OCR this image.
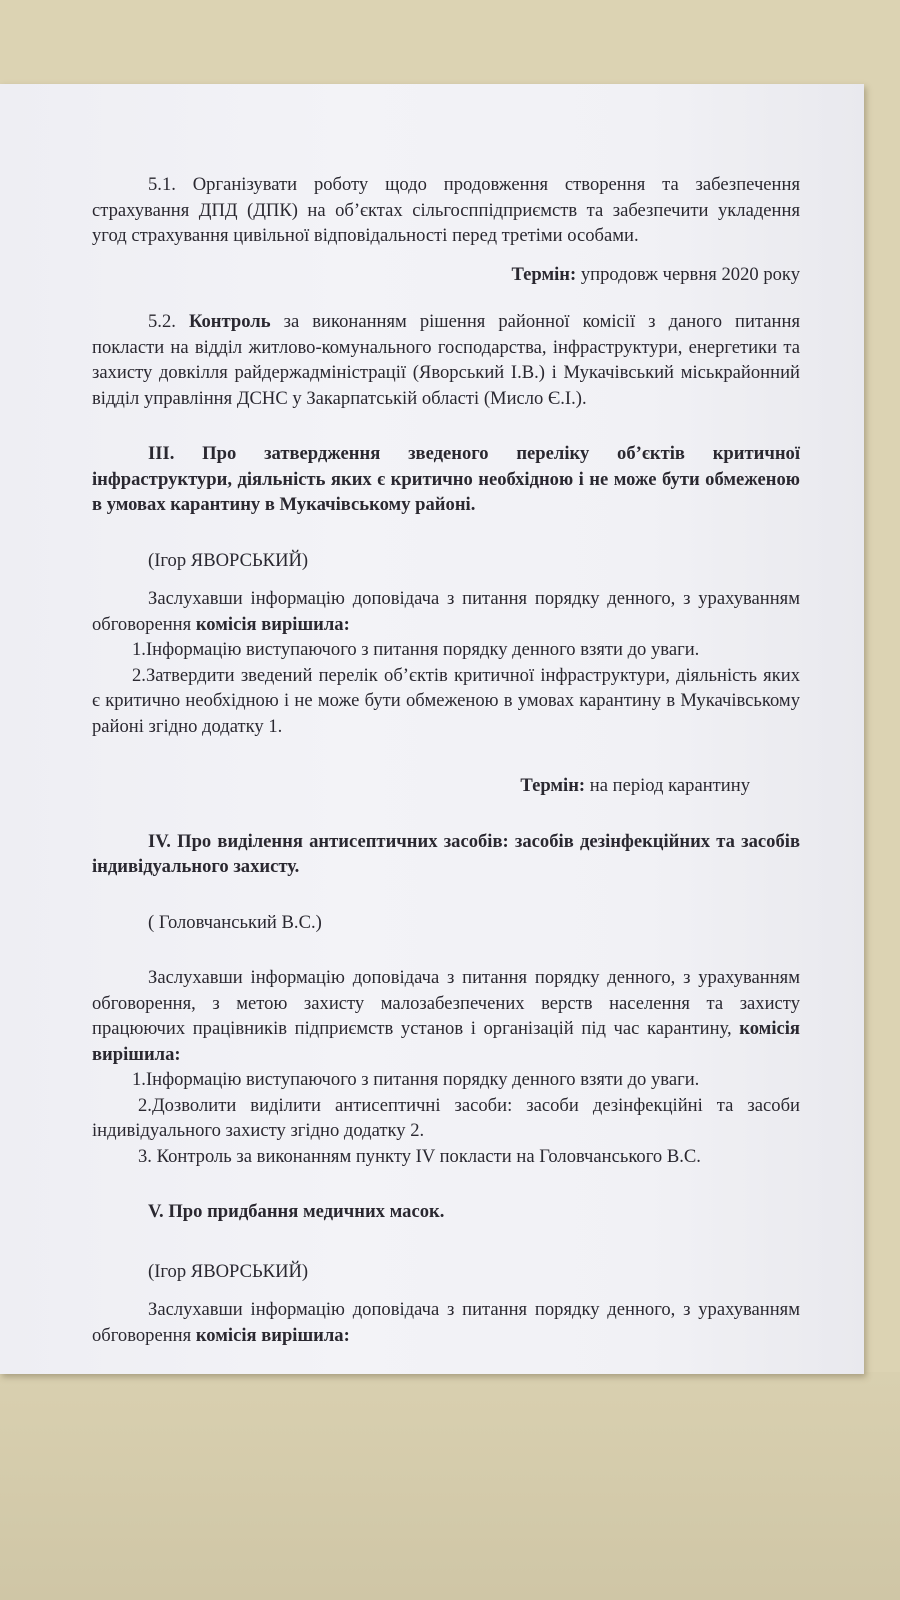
5.1. Організувати роботу щодо продовження створення та забезпечення страхування ДПД (ДПК) на об’єктах сільгосппідприємств та забезпечити укладення угод страхування цивільної відповідальності перед третіми особами.

Термін: упродовж червня 2020 року

5.2. Контроль за виконанням рішення районної комісії з даного питання покласти на відділ житлово-комунального господарства, інфраструктури, енергетики та захисту довкілля райдержадміністрації (Яворський І.В.) і Мукачівський міськрайонний відділ управління ДСНС у Закарпатській області (Мисло Є.І.).

ІІІ. Про затвердження зведеного переліку об’єктів критичної інфраструктури, діяльність яких є критично необхідною і не може бути обмеженою в умовах карантину в Мукачівському районі.

(Ігор ЯВОРСЬКИЙ)

Заслухавши інформацію доповідача з питання порядку денного, з урахуванням обговорення комісія вирішила:

1.Інформацію виступаючого з питання порядку денного взяти до уваги.

2.Затвердити зведений перелік об’єктів критичної інфраструктури, діяльність яких є критично необхідною і не може бути обмеженою в умовах карантину в Мукачівському районі згідно додатку 1.

Термін: на період карантину

IV. Про виділення антисептичних засобів: засобів дезінфекційних та засобів індивідуального захисту.

( Головчанський В.С.)

Заслухавши інформацію доповідача з питання порядку денного, з урахуванням обговорення, з метою захисту малозабезпечених верств населення та захисту працюючих працівників підприємств установ і організацій під час карантину, комісія вирішила:

1.Інформацію виступаючого з питання порядку денного взяти до уваги.

2.Дозволити виділити антисептичні засоби: засоби дезінфекційні та засоби індивідуального захисту згідно додатку 2.

3. Контроль за виконанням пункту IV покласти на Головчанського В.С.

V. Про придбання медичних масок.

(Ігор ЯВОРСЬКИЙ)

Заслухавши інформацію доповідача з питання порядку денного, з урахуванням обговорення комісія вирішила:
